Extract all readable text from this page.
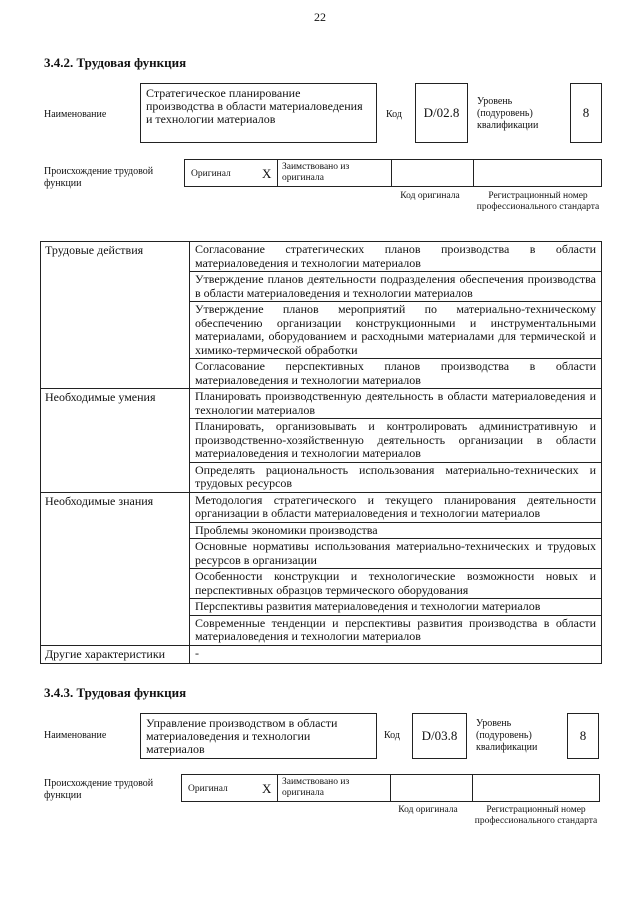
22
3.4.2. Трудовая функция
Наименование
Стратегическое планирование производства в области материаловедения и технологии материалов	Код	D/02.8
Уровень (подуровень) квалификации
8
Происхождение трудовой функции
Оригинал X Заимствовано из оригинала
Код оригинала	Регистрационный номер профессионального стандарта
Трудовые действия	Согласование стратегических планов производства в области материаловедения и технологии материалов
	Утверждение планов деятельности подразделения обеспечения производства в области материаловедения и технологии материалов
	Утверждение планов мероприятий по материально-техническому обеспечению организации конструкционными и инструментальными материалами, оборудованием и расходными материалами для термической и химико-термической обработки
	Согласование перспективных планов производства в области материаловедения и технологии материалов
Необходимые умения	Планировать производственную деятельность в области материаловедения и технологии материалов
	Планировать, организовывать и контролировать административную и производственно-хозяйственную деятельность организации в области материаловедения и технологии материалов
	Определять рациональность использования материально-технических и трудовых ресурсов
Необходимые знания	Методология стратегического и текущего планирования деятельности организации в области материаловедения и технологии материалов
	Проблемы экономики производства
	Основные нормативы использования материально-технических и трудовых ресурсов в организации
	Особенности конструкции и технологические возможности новых и перспективных образцов термического оборудования
	Перспективы развития материаловедения и технологии материалов
	Современные тенденции и перспективы развития производства в области материаловедения и технологии материалов
Другие характеристики	-
3.4.3. Трудовая функция
Наименование
Управление производством в области материаловедения и технологии материалов
Код	D/03.8
Уровень (подуровень) квалификации
8
Происхождение трудовой функции
Оригинал	X Заимствовано из оригинала
Код оригинала	Регистрационный номер профессионального стандарта
